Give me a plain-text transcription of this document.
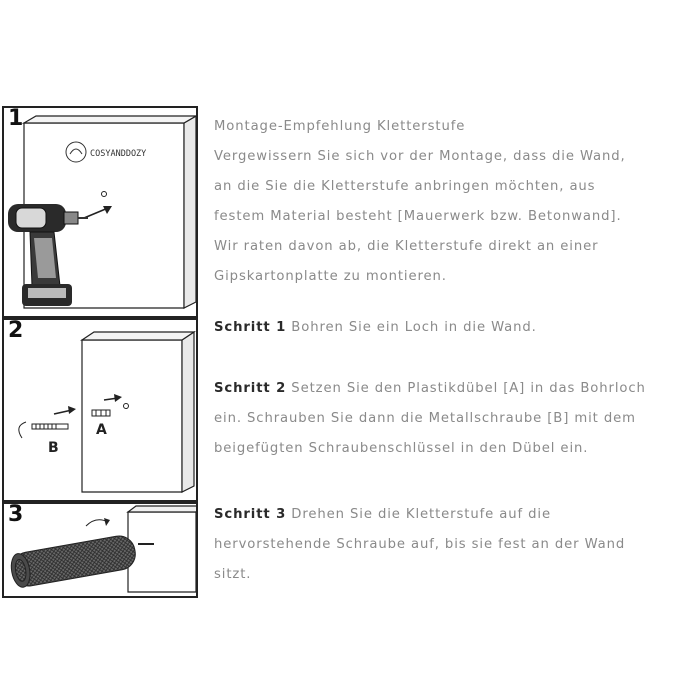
1
COSYANDDOZY
2
A
B
3
Montage-Empfehlung Kletterstufe
Vergewissern Sie sich vor der Montage, dass die Wand,
an die Sie die Kletterstufe anbringen möchten, aus
festem Material besteht [Mauerwerk bzw. Betonwand].
Wir raten davon ab, die Kletterstufe direkt an einer
Gipskartonplatte zu montieren.
Schritt 1 Bohren Sie ein Loch in die Wand.
Schritt 2 Setzen Sie den Plastikdübel [A] in das Bohrloch
ein. Schrauben Sie dann die Metallschraube [B] mit dem
beigefügten Schraubenschlüssel in den Dübel ein.
Schritt 3 Drehen Sie die Kletterstufe auf die
hervorstehende Schraube auf, bis sie fest an der Wand
sitzt.
